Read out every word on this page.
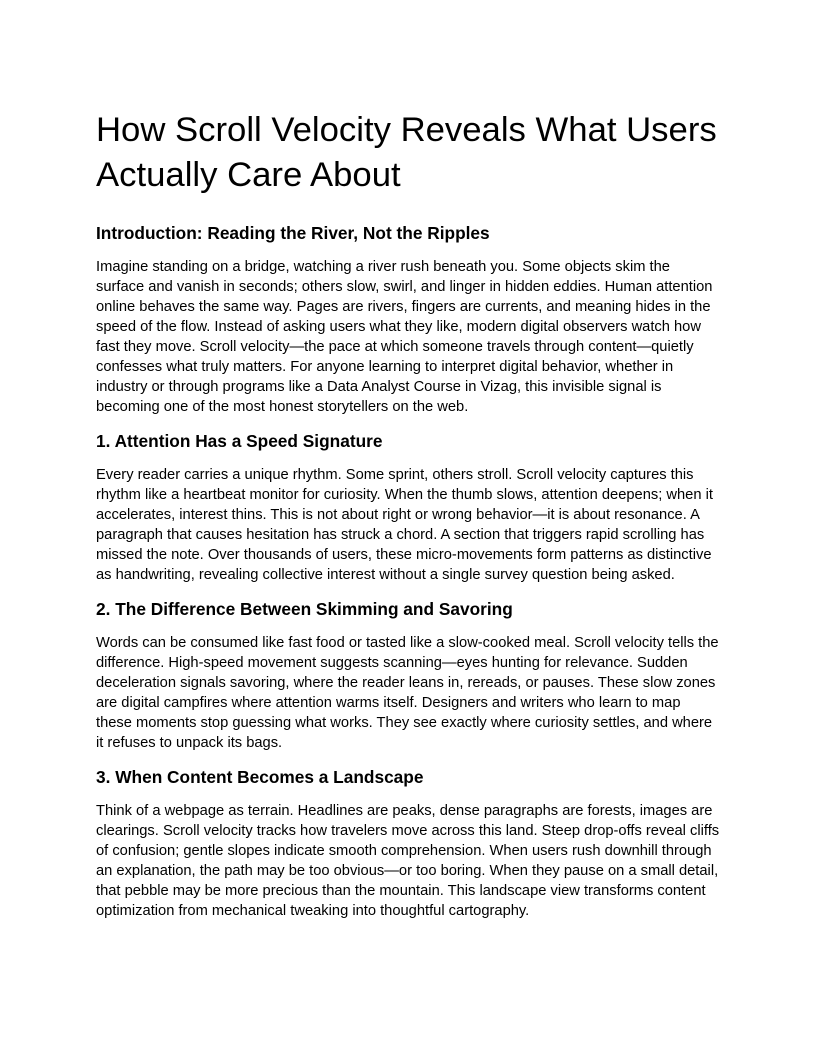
How Scroll Velocity Reveals What Users Actually Care About
Introduction: Reading the River, Not the Ripples

Imagine standing on a bridge, watching a river rush beneath you. Some objects skim the surface and vanish in seconds; others slow, swirl, and linger in hidden eddies. Human attention online behaves the same way. Pages are rivers, fingers are currents, and meaning hides in the speed of the flow. Instead of asking users what they like, modern digital observers watch how fast they move. Scroll velocity—the pace at which someone travels through content—quietly confesses what truly matters. For anyone learning to interpret digital behavior, whether in industry or through programs like a Data Analyst Course in Vizag, this invisible signal is becoming one of the most honest storytellers on the web.

1. Attention Has a Speed Signature

Every reader carries a unique rhythm. Some sprint, others stroll. Scroll velocity captures this rhythm like a heartbeat monitor for curiosity. When the thumb slows, attention deepens; when it accelerates, interest thins. This is not about right or wrong behavior—it is about resonance. A paragraph that causes hesitation has struck a chord. A section that triggers rapid scrolling has missed the note. Over thousands of users, these micro-movements form patterns as distinctive as handwriting, revealing collective interest without a single survey question being asked.

2. The Difference Between Skimming and Savoring

Words can be consumed like fast food or tasted like a slow-cooked meal. Scroll velocity tells the difference. High-speed movement suggests scanning—eyes hunting for relevance. Sudden deceleration signals savoring, where the reader leans in, rereads, or pauses. These slow zones are digital campfires where attention warms itself. Designers and writers who learn to map these moments stop guessing what works. They see exactly where curiosity settles, and where it refuses to unpack its bags.

3. When Content Becomes a Landscape

Think of a webpage as terrain. Headlines are peaks, dense paragraphs are forests, images are clearings. Scroll velocity tracks how travelers move across this land. Steep drop-offs reveal cliffs of confusion; gentle slopes indicate smooth comprehension. When users rush downhill through an explanation, the path may be too obvious—or too boring. When they pause on a small detail, that pebble may be more precious than the mountain. This landscape view transforms content optimization from mechanical tweaking into thoughtful cartography.
